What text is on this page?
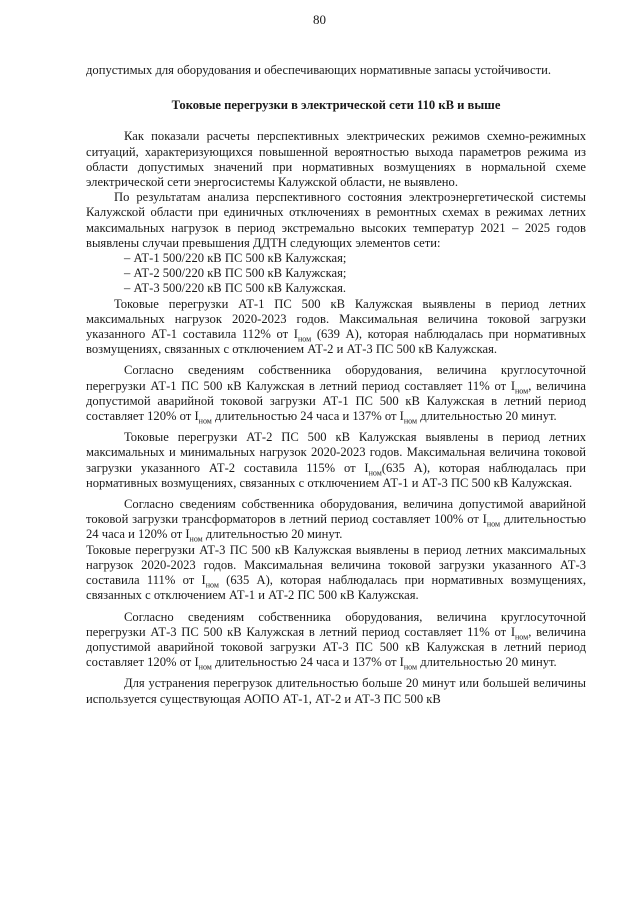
80

допустимых для оборудования и обеспечивающих нормативные запасы устойчивости.

Токовые перегрузки в электрической сети 110 кВ и выше

Как показали расчеты перспективных электрических режимов схемно-режимных ситуаций, характеризующихся повышенной вероятностью выхода параметров режима из области допустимых значений при нормативных возмущениях в нормальной схеме электрической сети энергосистемы Калужской области, не выявлено.

По результатам анализа перспективного состояния электроэнергетической системы Калужской области при единичных отключениях в ремонтных схемах в режимах летних максимальных нагрузок в период экстремально высоких температур 2021 – 2025 годов выявлены случаи превышения ДДТН следующих элементов сети:

– АТ-1 500/220 кВ ПС 500 кВ Калужская;
– АТ-2 500/220 кВ ПС 500 кВ Калужская;
– АТ-3 500/220 кВ ПС 500 кВ Калужская.

Токовые перегрузки АТ-1 ПС 500 кВ Калужская выявлены в период летних максимальных нагрузок 2020-2023 годов. Максимальная величина токовой загрузки указанного АТ-1 составила 112% от $I_{ном}$ (639 А), которая наблюдалась при нормативных возмущениях, связанных с отключением АТ-2 и АТ-3 ПС 500 кВ Калужская.

Согласно сведениям собственника оборудования, величина круглосуточной перегрузки АТ-1 ПС 500 кВ Калужская в летний период составляет 11% от $I_{ном}$, величина допустимой аварийной токовой загрузки АТ-1 ПС 500 кВ Калужская в летний период составляет 120% от $I_{ном}$ длительностью 24 часа и 137% от $I_{ном}$ длительностью 20 минут.

Токовые перегрузки АТ-2 ПС 500 кВ Калужская выявлены в период летних максимальных и минимальных нагрузок 2020-2023 годов. Максимальная величина токовой загрузки указанного АТ-2 составила 115% от $I_{ном}(635$ А), которая наблюдалась при нормативных возмущениях, связанных с отключением АТ-1 и АТ-3 ПС 500 кВ Калужская.

Согласно сведениям собственника оборудования, величина допустимой аварийной токовой загрузки трансформаторов в летний период составляет 100% от $I_{ном}$ длительностью 24 часа и 120% от $I_{ном}$ длительностью 20 минут.

Токовые перегрузки АТ-3 ПС 500 кВ Калужская выявлены в период летних максимальных нагрузок 2020-2023 годов. Максимальная величина токовой загрузки указанного АТ-3 составила 111% от $I_{ном}$ (635 А), которая наблюдалась при нормативных возмущениях, связанных с отключением АТ-1 и АТ-2 ПС 500 кВ Калужская.

Согласно сведениям собственника оборудования, величина круглосуточной перегрузки АТ-3 ПС 500 кВ Калужская в летний период составляет 11% от $I_{ном}$, величина допустимой аварийной токовой загрузки АТ-3 ПС 500 кВ Калужская в летний период составляет 120% от $I_{ном}$ длительностью 24 часа и 137% от $I_{ном}$ длительностью 20 минут.

Для устранения перегрузок длительностью больше 20 минут или большей величины используется существующая АОПО АТ-1, АТ-2 и АТ-3 ПС 500 кВ
